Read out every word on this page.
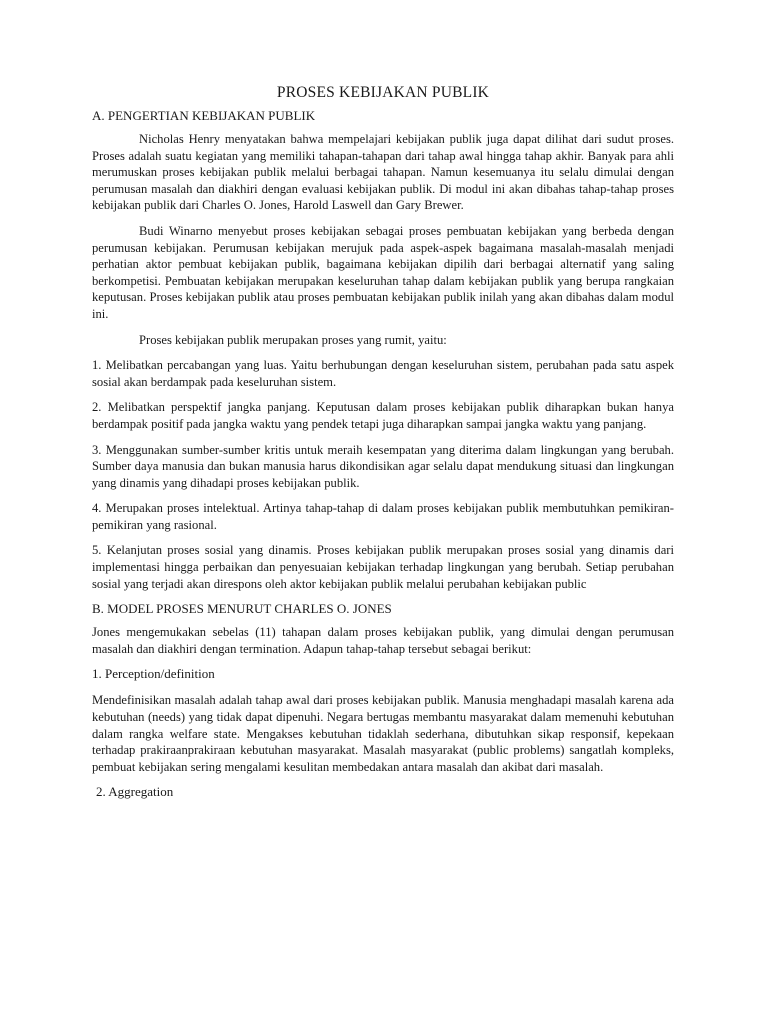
PROSES KEBIJAKAN PUBLIK
A. PENGERTIAN KEBIJAKAN PUBLIK

Nicholas Henry menyatakan bahwa mempelajari kebijakan publik juga dapat dilihat dari sudut proses. Proses adalah suatu kegiatan yang memiliki tahapan-tahapan dari tahap awal hingga tahap akhir. Banyak para ahli merumuskan proses kebijakan publik melalui berbagai tahapan. Namun kesemuanya itu selalu dimulai dengan perumusan masalah dan diakhiri dengan evaluasi kebijakan publik. Di modul ini akan dibahas tahap-tahap proses kebijakan publik dari Charles O. Jones, Harold Laswell dan Gary Brewer.

Budi Winarno menyebut proses kebijakan sebagai proses pembuatan kebijakan yang berbeda dengan perumusan kebijakan. Perumusan kebijakan merujuk pada aspek-aspek bagaimana masalah-masalah menjadi perhatian aktor pembuat kebijakan publik, bagaimana kebijakan dipilih dari berbagai alternatif yang saling berkompetisi. Pembuatan kebijakan merupakan keseluruhan tahap dalam kebijakan publik yang berupa rangkaian keputusan. Proses kebijakan publik atau proses pembuatan kebijakan publik inilah yang akan dibahas dalam modul ini.

Proses kebijakan publik merupakan proses yang rumit, yaitu:

1. Melibatkan percabangan yang luas. Yaitu berhubungan dengan keseluruhan sistem, perubahan pada satu aspek sosial akan berdampak pada keseluruhan sistem.

2. Melibatkan perspektif jangka panjang. Keputusan dalam proses kebijakan publik diharapkan bukan hanya berdampak positif pada jangka waktu yang pendek tetapi juga diharapkan sampai jangka waktu yang panjang.

3. Menggunakan sumber-sumber kritis untuk meraih kesempatan yang diterima dalam lingkungan yang berubah. Sumber daya manusia dan bukan manusia harus dikondisikan agar selalu dapat mendukung situasi dan lingkungan yang dinamis yang dihadapi proses kebijakan publik.

4. Merupakan proses intelektual. Artinya tahap-tahap di dalam proses kebijakan publik membutuhkan pemikiran-pemikiran yang rasional.

5. Kelanjutan proses sosial yang dinamis. Proses kebijakan publik merupakan proses sosial yang dinamis dari implementasi hingga perbaikan dan penyesuaian kebijakan terhadap lingkungan yang berubah. Setiap perubahan sosial yang terjadi akan direspons oleh aktor kebijakan publik melalui perubahan kebijakan public

B. MODEL PROSES MENURUT CHARLES O. JONES

Jones mengemukakan sebelas (11) tahapan dalam proses kebijakan publik, yang dimulai dengan perumusan masalah dan diakhiri dengan termination. Adapun tahap-tahap tersebut sebagai berikut:

1. Perception/definition

Mendefinisikan masalah adalah tahap awal dari proses kebijakan publik. Manusia menghadapi masalah karena ada kebutuhan (needs) yang tidak dapat dipenuhi. Negara bertugas membantu masyarakat dalam memenuhi kebutuhan dalam rangka welfare state. Mengakses kebutuhan tidaklah sederhana, dibutuhkan sikap responsif, kepekaan terhadap prakiraanprakiraan kebutuhan masyarakat. Masalah masyarakat (public problems) sangatlah kompleks, pembuat kebijakan sering mengalami kesulitan membedakan antara masalah dan akibat dari masalah.

2. Aggregation
